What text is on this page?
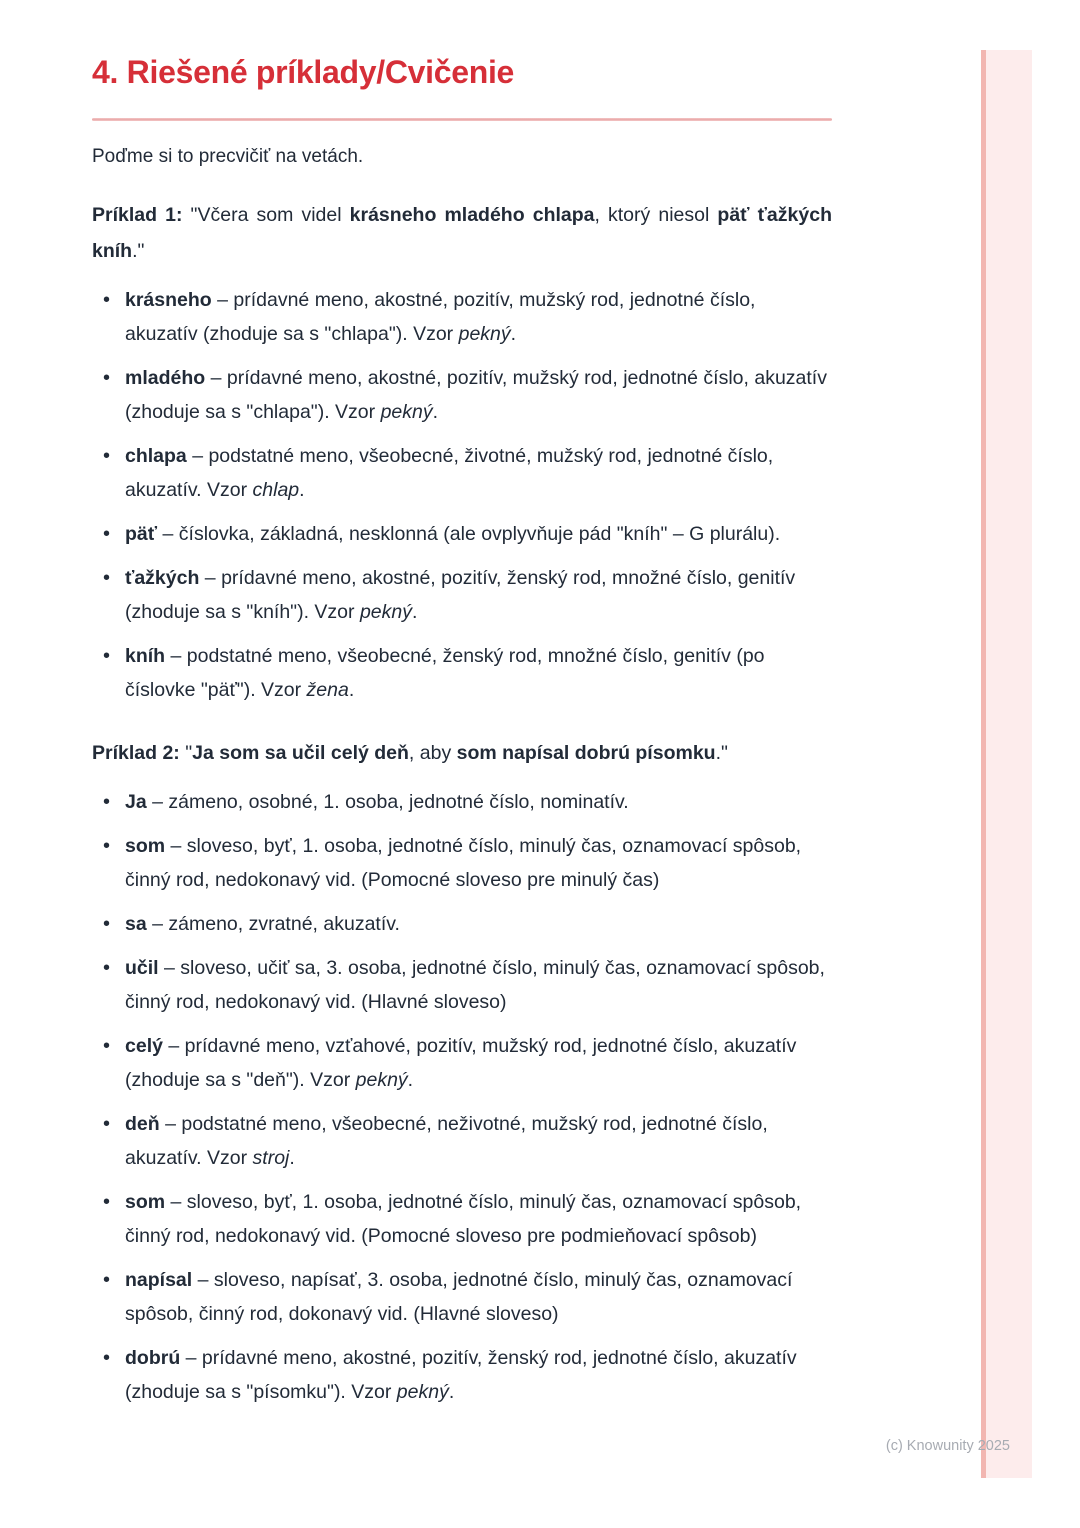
4. Riešené príklady/Cvičenie

Poďme si to precvičiť na vetách.

Príklad 1: "Včera som videl krásneho mladého chlapa, ktorý niesol päť ťažkých kníh."

• krásneho – prídavné meno, akostné, pozitív, mužský rod, jednotné číslo, akuzatív (zhoduje sa s "chlapa"). Vzor pekný.
• mladého – prídavné meno, akostné, pozitív, mužský rod, jednotné číslo, akuzatív (zhoduje sa s "chlapa"). Vzor pekný.
• chlapa – podstatné meno, všeobecné, životné, mužský rod, jednotné číslo, akuzatív. Vzor chlap.
• päť – číslovka, základná, nesklonná (ale ovplyvňuje pád "kníh" – G plurálu).
• ťažkých – prídavné meno, akostné, pozitív, ženský rod, množné číslo, genitív (zhoduje sa s "kníh"). Vzor pekný.
• kníh – podstatné meno, všeobecné, ženský rod, množné číslo, genitív (po číslovke "päť"). Vzor žena.

Príklad 2: "Ja som sa učil celý deň, aby som napísal dobrú písomku."

• Ja – zámeno, osobné, 1. osoba, jednotné číslo, nominatív.
• som – sloveso, byť, 1. osoba, jednotné číslo, minulý čas, oznamovací spôsob, činný rod, nedokonavý vid. (Pomocné sloveso pre minulý čas)
• sa – zámeno, zvratné, akuzatív.
• učil – sloveso, učiť sa, 3. osoba, jednotné číslo, minulý čas, oznamovací spôsob, činný rod, nedokonavý vid. (Hlavné sloveso)
• celý – prídavné meno, vzťahové, pozitív, mužský rod, jednotné číslo, akuzatív (zhoduje sa s "deň"). Vzor pekný.
• deň – podstatné meno, všeobecné, neživotné, mužský rod, jednotné číslo, akuzatív. Vzor stroj.
• som – sloveso, byť, 1. osoba, jednotné číslo, minulý čas, oznamovací spôsob, činný rod, nedokonavý vid. (Pomocné sloveso pre podmieňovací spôsob)
• napísal – sloveso, napísať, 3. osoba, jednotné číslo, minulý čas, oznamovací spôsob, činný rod, dokonavý vid. (Hlavné sloveso)
• dobrú – prídavné meno, akostné, pozitív, ženský rod, jednotné číslo, akuzatív (zhoduje sa s "písomku"). Vzor pekný.
(c) Knowunity 2025
